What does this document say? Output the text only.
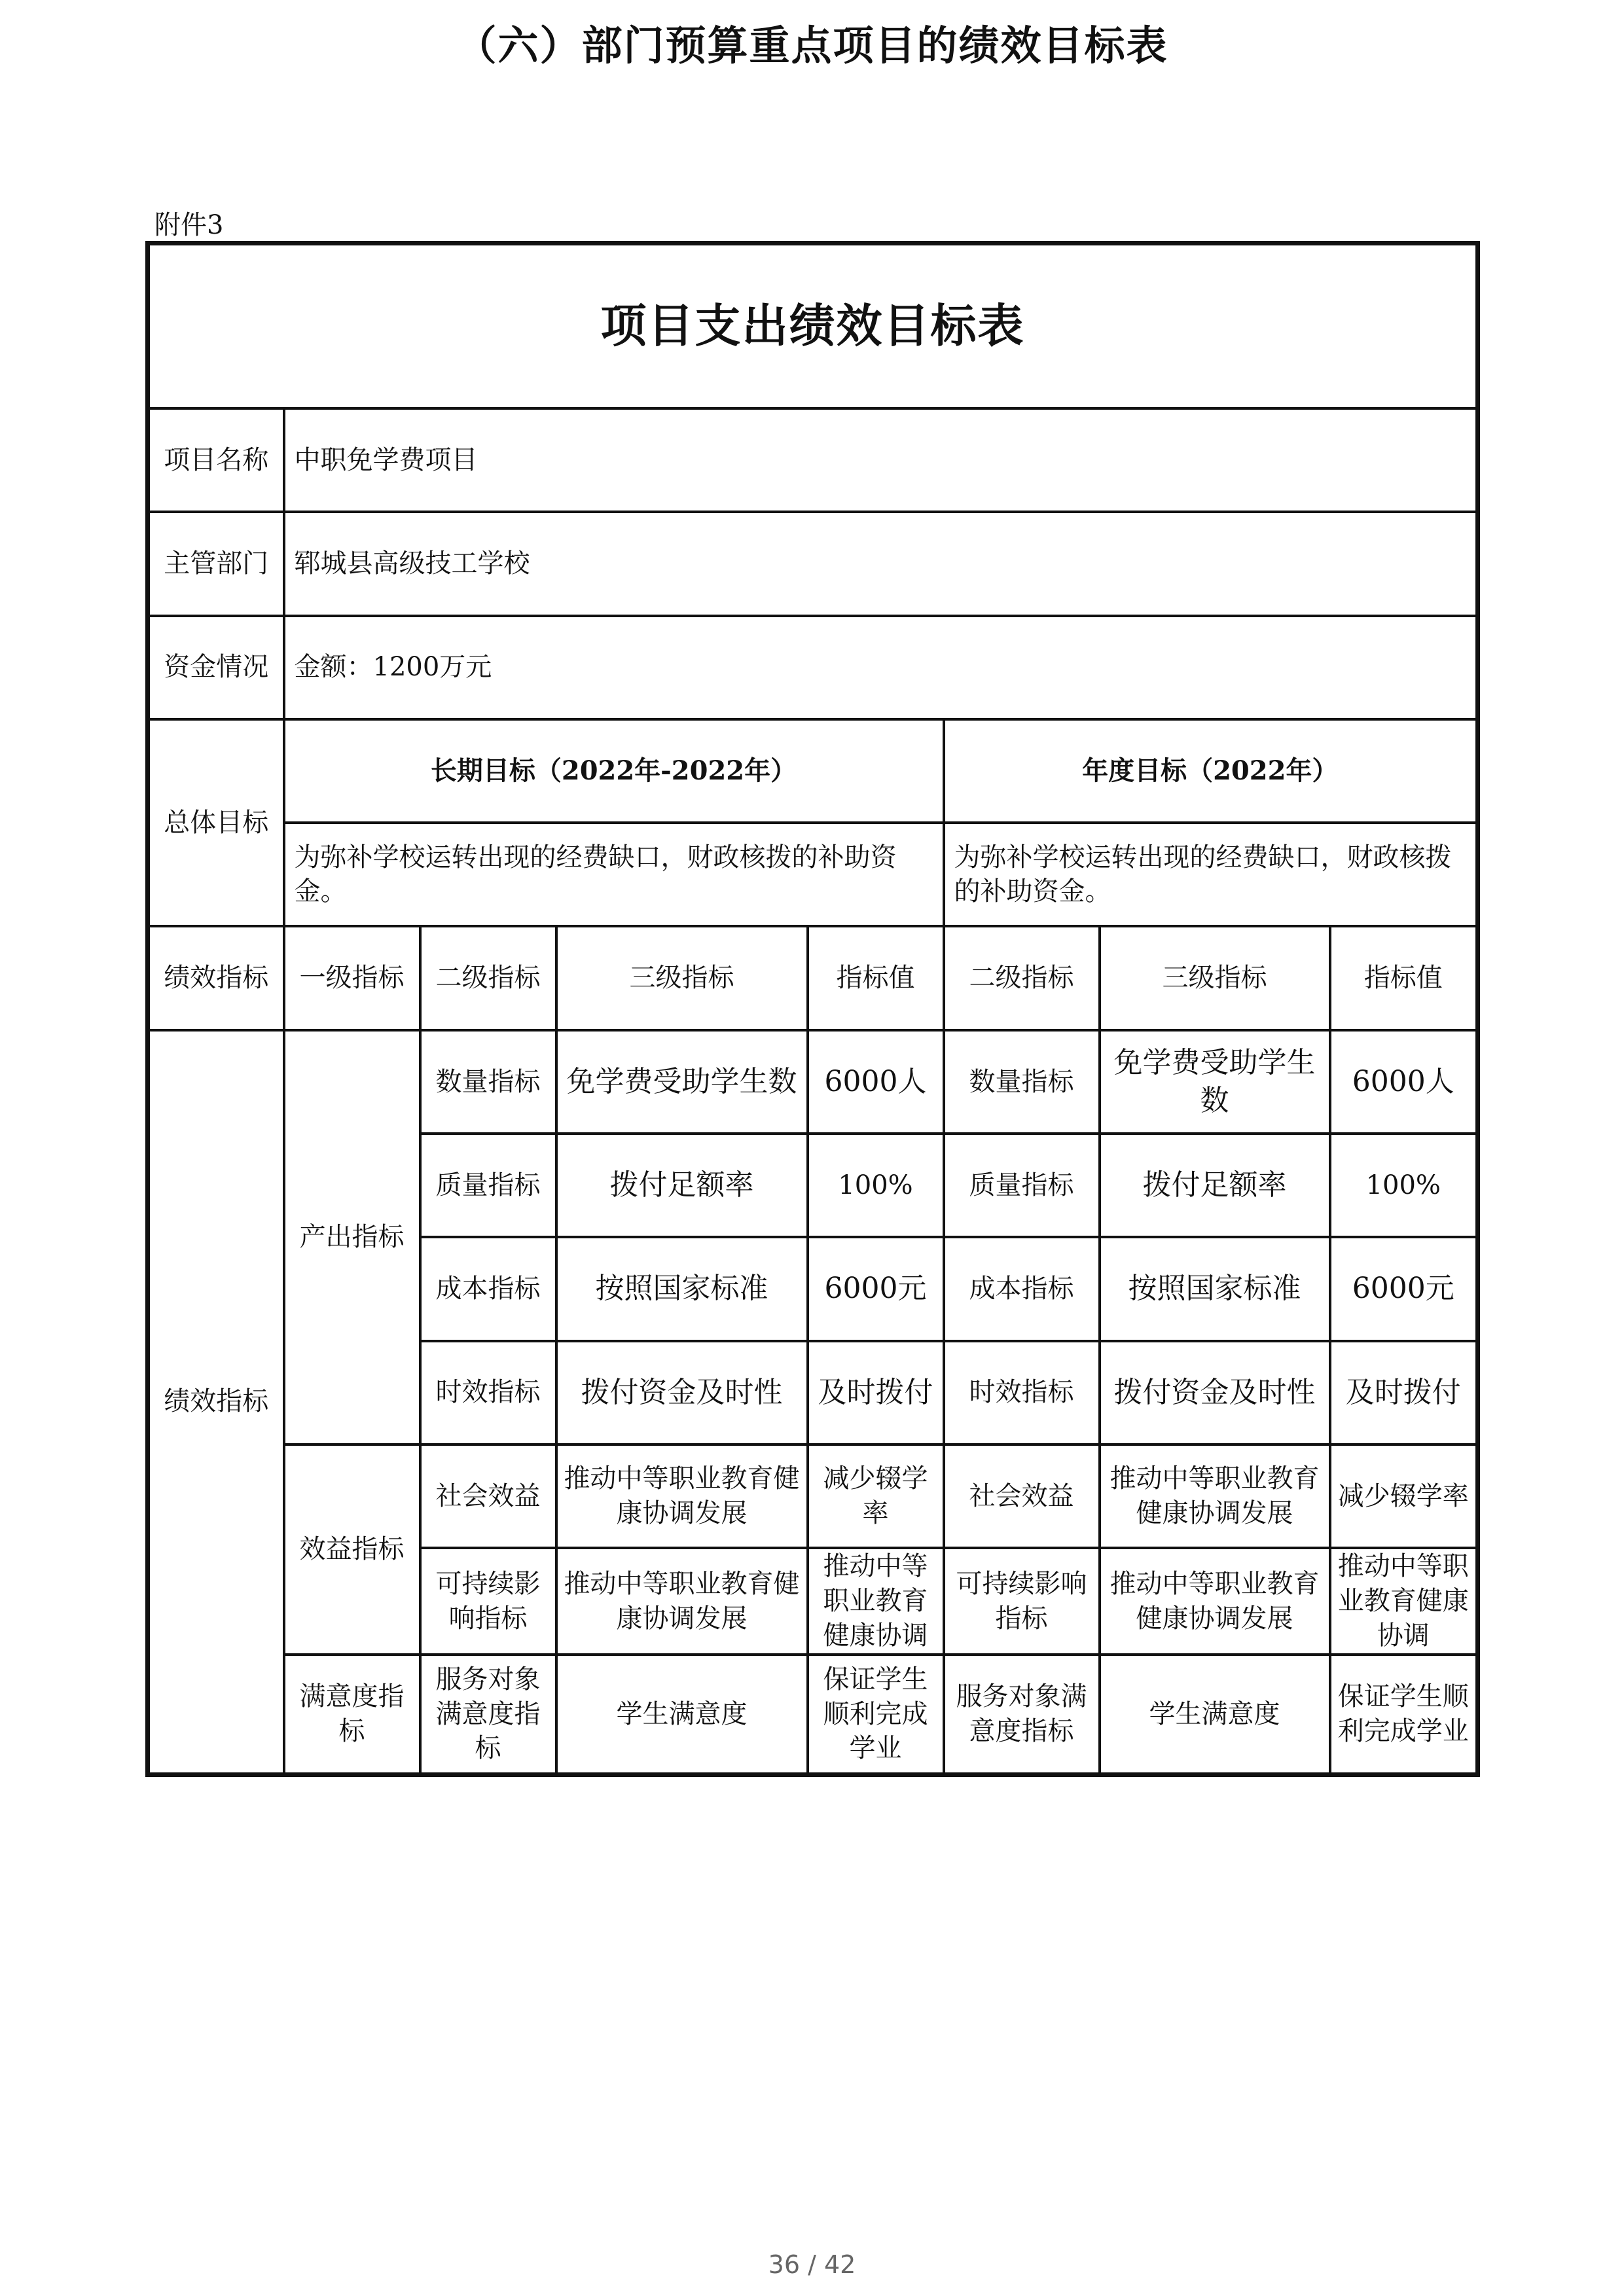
（六）部门预算重点项目的绩效目标表
附件3
项目支出绩效目标表							
项目名称	中职免学费项目						
主管部门	郓城县高级技工学校						
资金情况	金额：1200万元						
总体目标	长期目标（2022年-2022年）				年度目标（2022年）		
	为弥补学校运转出现的经费缺口，财政核拨的补助资金。				为弥补学校运转出现的经费缺口，财政核拨的补助资金。		
绩效指标	一级指标	二级指标	三级指标	指标值	二级指标	三级指标	指标值
绩效指标	产出指标	数量指标	免学费受助学生数	6000人	数量指标	免学费受助学生数	6000人
		质量指标	拨付足额率	100%	质量指标	拨付足额率	100%
		成本指标	按照国家标准	6000元	成本指标	按照国家标准	6000元
		时效指标	拨付资金及时性	及时拨付	时效指标	拨付资金及时性	及时拨付
	效益指标	社会效益	推动中等职业教育健康协调发展	减少辍学率	社会效益	推动中等职业教育健康协调发展	减少辍学率
		可持续影响指标	推动中等职业教育健康协调发展	推动中等职业教育健康协调	可持续影响指标	推动中等职业教育健康协调发展	推动中等职业教育健康协调
	满意度指标	服务对象满意度指标	学生满意度	保证学生顺利完成学业	服务对象满意度指标	学生满意度	保证学生顺利完成学业
36 / 42
